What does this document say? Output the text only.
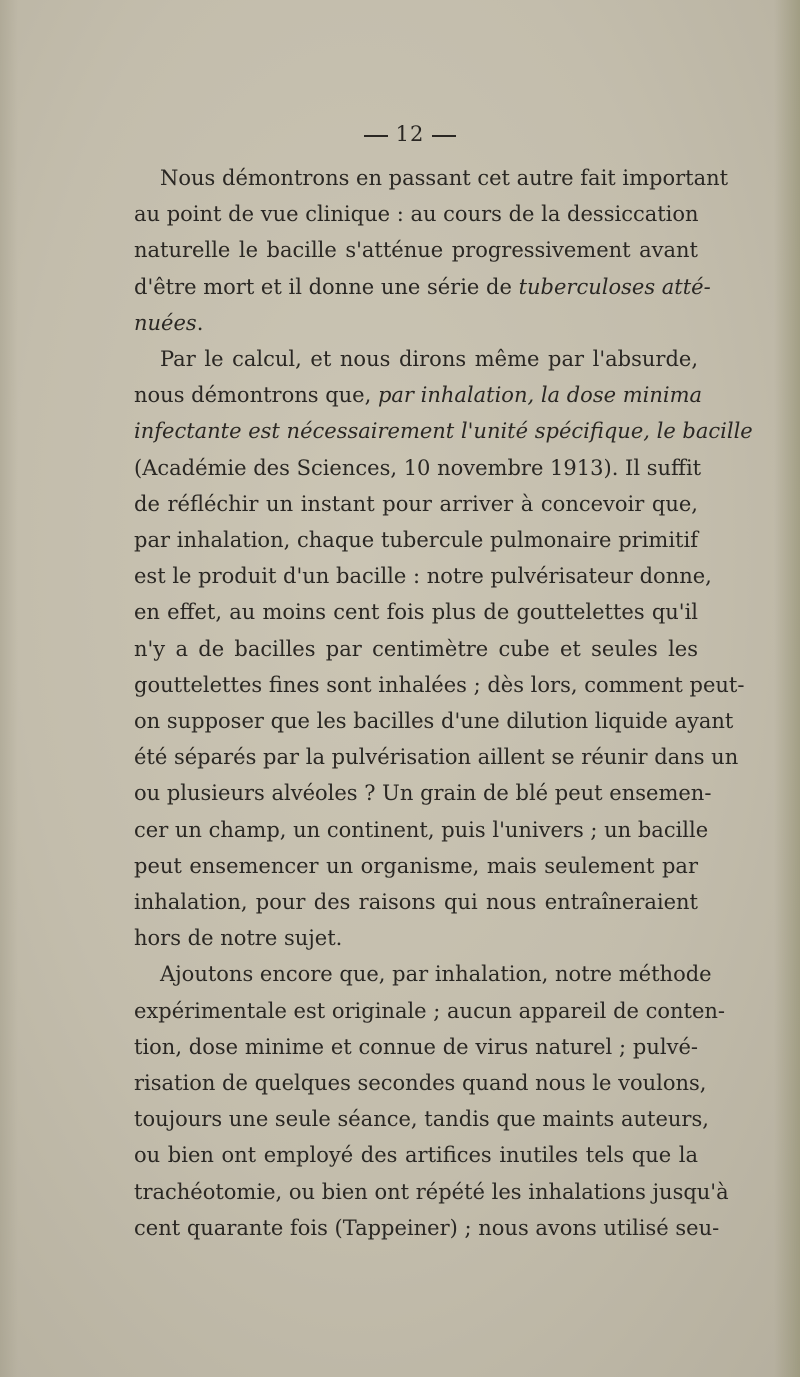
12
Nous démontrons en passant cet autre fait important
au point de vue clinique : au cours de la dessiccation
naturelle le bacille s'atténue progressivement avant
d'être mort et il donne une série de tuberculoses atté-
nuées.
Par le calcul, et nous dirons même par l'absurde,
nous démontrons que, par inhalation, la dose minima
infectante est nécessairement l'unité spécifique, le bacille
(Académie des Sciences, 10 novembre 1913). Il suffit
de réfléchir un instant pour arriver à concevoir que,
par inhalation, chaque tubercule pulmonaire primitif
est le produit d'un bacille : notre pulvérisateur donne,
en effet, au moins cent fois plus de gouttelettes qu'il
n'y a de bacilles par centimètre cube et seules les
gouttelettes fines sont inhalées ; dès lors, comment peut-
on supposer que les bacilles d'une dilution liquide ayant
été séparés par la pulvérisation aillent se réunir dans un
ou plusieurs alvéoles ? Un grain de blé peut ensemen-
cer un champ, un continent, puis l'univers ; un bacille
peut ensemencer un organisme, mais seulement par
inhalation, pour des raisons qui nous entraîneraient
hors de notre sujet.
Ajoutons encore que, par inhalation, notre méthode
expérimentale est originale ; aucun appareil de conten-
tion, dose minime et connue de virus naturel ; pulvé-
risation de quelques secondes quand nous le voulons,
toujours une seule séance, tandis que maints auteurs,
ou bien ont employé des artifices inutiles tels que la
trachéotomie, ou bien ont répété les inhalations jusqu'à
cent quarante fois (Tappeiner) ; nous avons utilisé seu-
